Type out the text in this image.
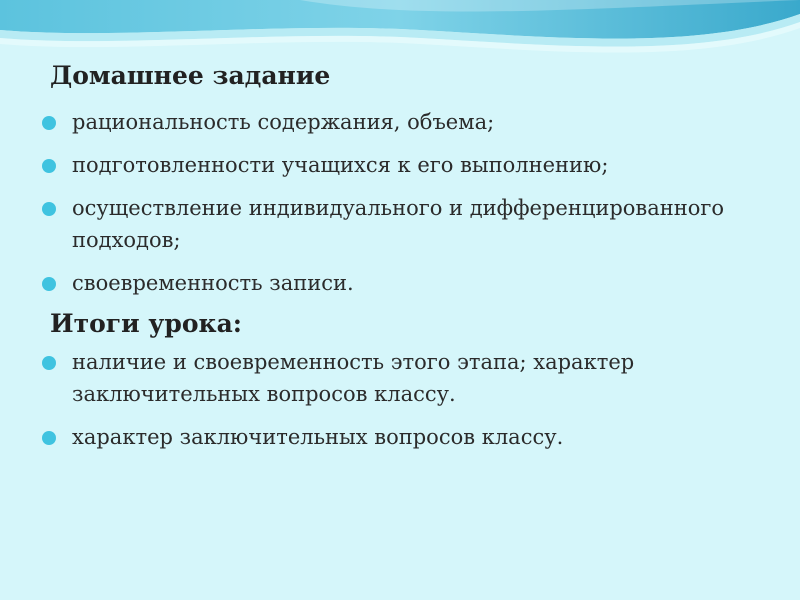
Домашнее задание
рациональность содержания, объема;
подготовленности учащихся к его выполнению;
осуществление индивидуального и дифференцированного подходов;
своевременность записи.
Итоги урока:
наличие и своевременность этого этапа; характер заключительных вопросов классу.
характер заключительных вопросов классу.
